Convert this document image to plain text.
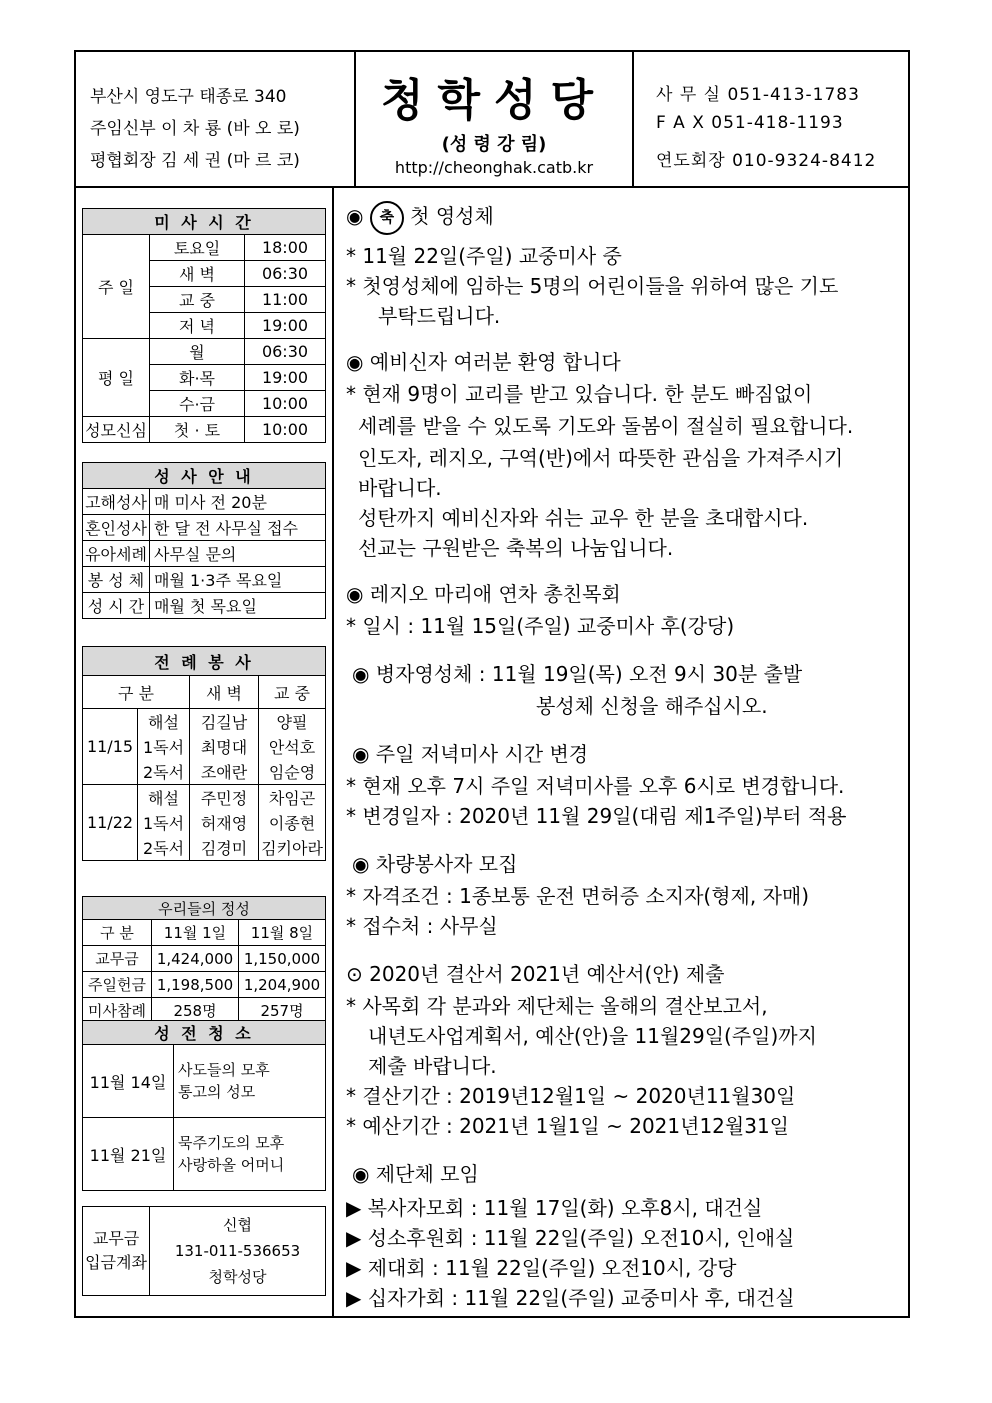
부산시 영도구 태종로 340
주임신부 이 차 룡 (바 오 로)
평협회장 김 세 권 (마 르 코)
청학성당
(성 령 강 림)
http://cheonghak.catb.kr
사 무 실 051-413-1783
F A X 051-418-1193
연도회장 010-9324-8412
미 사 시 간		
주 일	토요일	18:00
	새 벽	06:30
	교 중	11:00
	저 녁	19:00
평 일	월	06:30
	화·목	19:00
	수·금	10:00
성모신심	첫 · 토	10:00
성 사 안 내	
고해성사	매 미사 전 20분
혼인성사	한 달 전 사무실 접수
유아세례	사무실 문의
봉 성 체	매월 1·3주 목요일
성 시 간	매월 첫 목요일
전 례 봉 사			
구 분		새 벽	교 중
11/15	해설	김길남	양필
	1독서	최명대	안석호
	2독서	조애란	임순영
11/22	해설	주민정	차임곤
	1독서	허재영	이종현
	2독서	김경미	김키아라
우리들의 정성		
구 분	11월 1일	11월 8일
교무금	1,424,000	1,150,000
주일헌금	1,198,500	1,204,900
미사참례	258명	257명
성 전 청 소	
11월 14일	사도들의 모후
통고의 성모

11월 21일	묵주기도의 모후
사랑하올 어머니
교무금
입금계좌

신협
131-011-536653
청학성당
◉ 축 첫 영성체
* 11월 22일(주일) 교중미사 중
* 첫영성체에 임하는 5명의 어린이들을 위하여 많은 기도
부탁드립니다.
◉ 예비신자 여러분 환영 합니다
* 현재 9명이 교리를 받고 있습니다. 한 분도 빠짐없이
세례를 받을 수 있도록 기도와 돌봄이 절실히 필요합니다.
인도자, 레지오, 구역(반)에서 따뜻한 관심을 가져주시기
바랍니다.
성탄까지 예비신자와 쉬는 교우 한 분을 초대합시다.
선교는 구원받은 축복의 나눔입니다.
◉ 레지오 마리애 연차 총친목회
* 일시 : 11월 15일(주일) 교중미사 후(강당)
◉ 병자영성체 : 11월 19일(목) 오전 9시 30분 출발
봉성체 신청을 해주십시오.
◉ 주일 저녁미사 시간 변경
* 현재 오후 7시 주일 저녁미사를 오후 6시로 변경합니다.
* 변경일자 : 2020년 11월 29일(대림 제1주일)부터 적용
◉ 차량봉사자 모집
* 자격조건 : 1종보통 운전 면허증 소지자(형제, 자매)
* 접수처 : 사무실
⊙ 2020년 결산서 2021년 예산서(안) 제출
* 사목회 각 분과와 제단체는 올해의 결산보고서,
내년도사업계획서, 예산(안)을 11월29일(주일)까지
제출 바랍니다.
* 결산기간 : 2019년12월1일 ~ 2020년11월30일
* 예산기간 : 2021년 1월1일 ~ 2021년12월31일
◉ 제단체 모임
▶ 복사자모회 : 11월 17일(화) 오후8시, 대건실
▶ 성소후원회 : 11월 22일(주일) 오전10시, 인애실
▶ 제대회 : 11월 22일(주일) 오전10시, 강당
▶ 십자가회 : 11월 22일(주일) 교중미사 후, 대건실
